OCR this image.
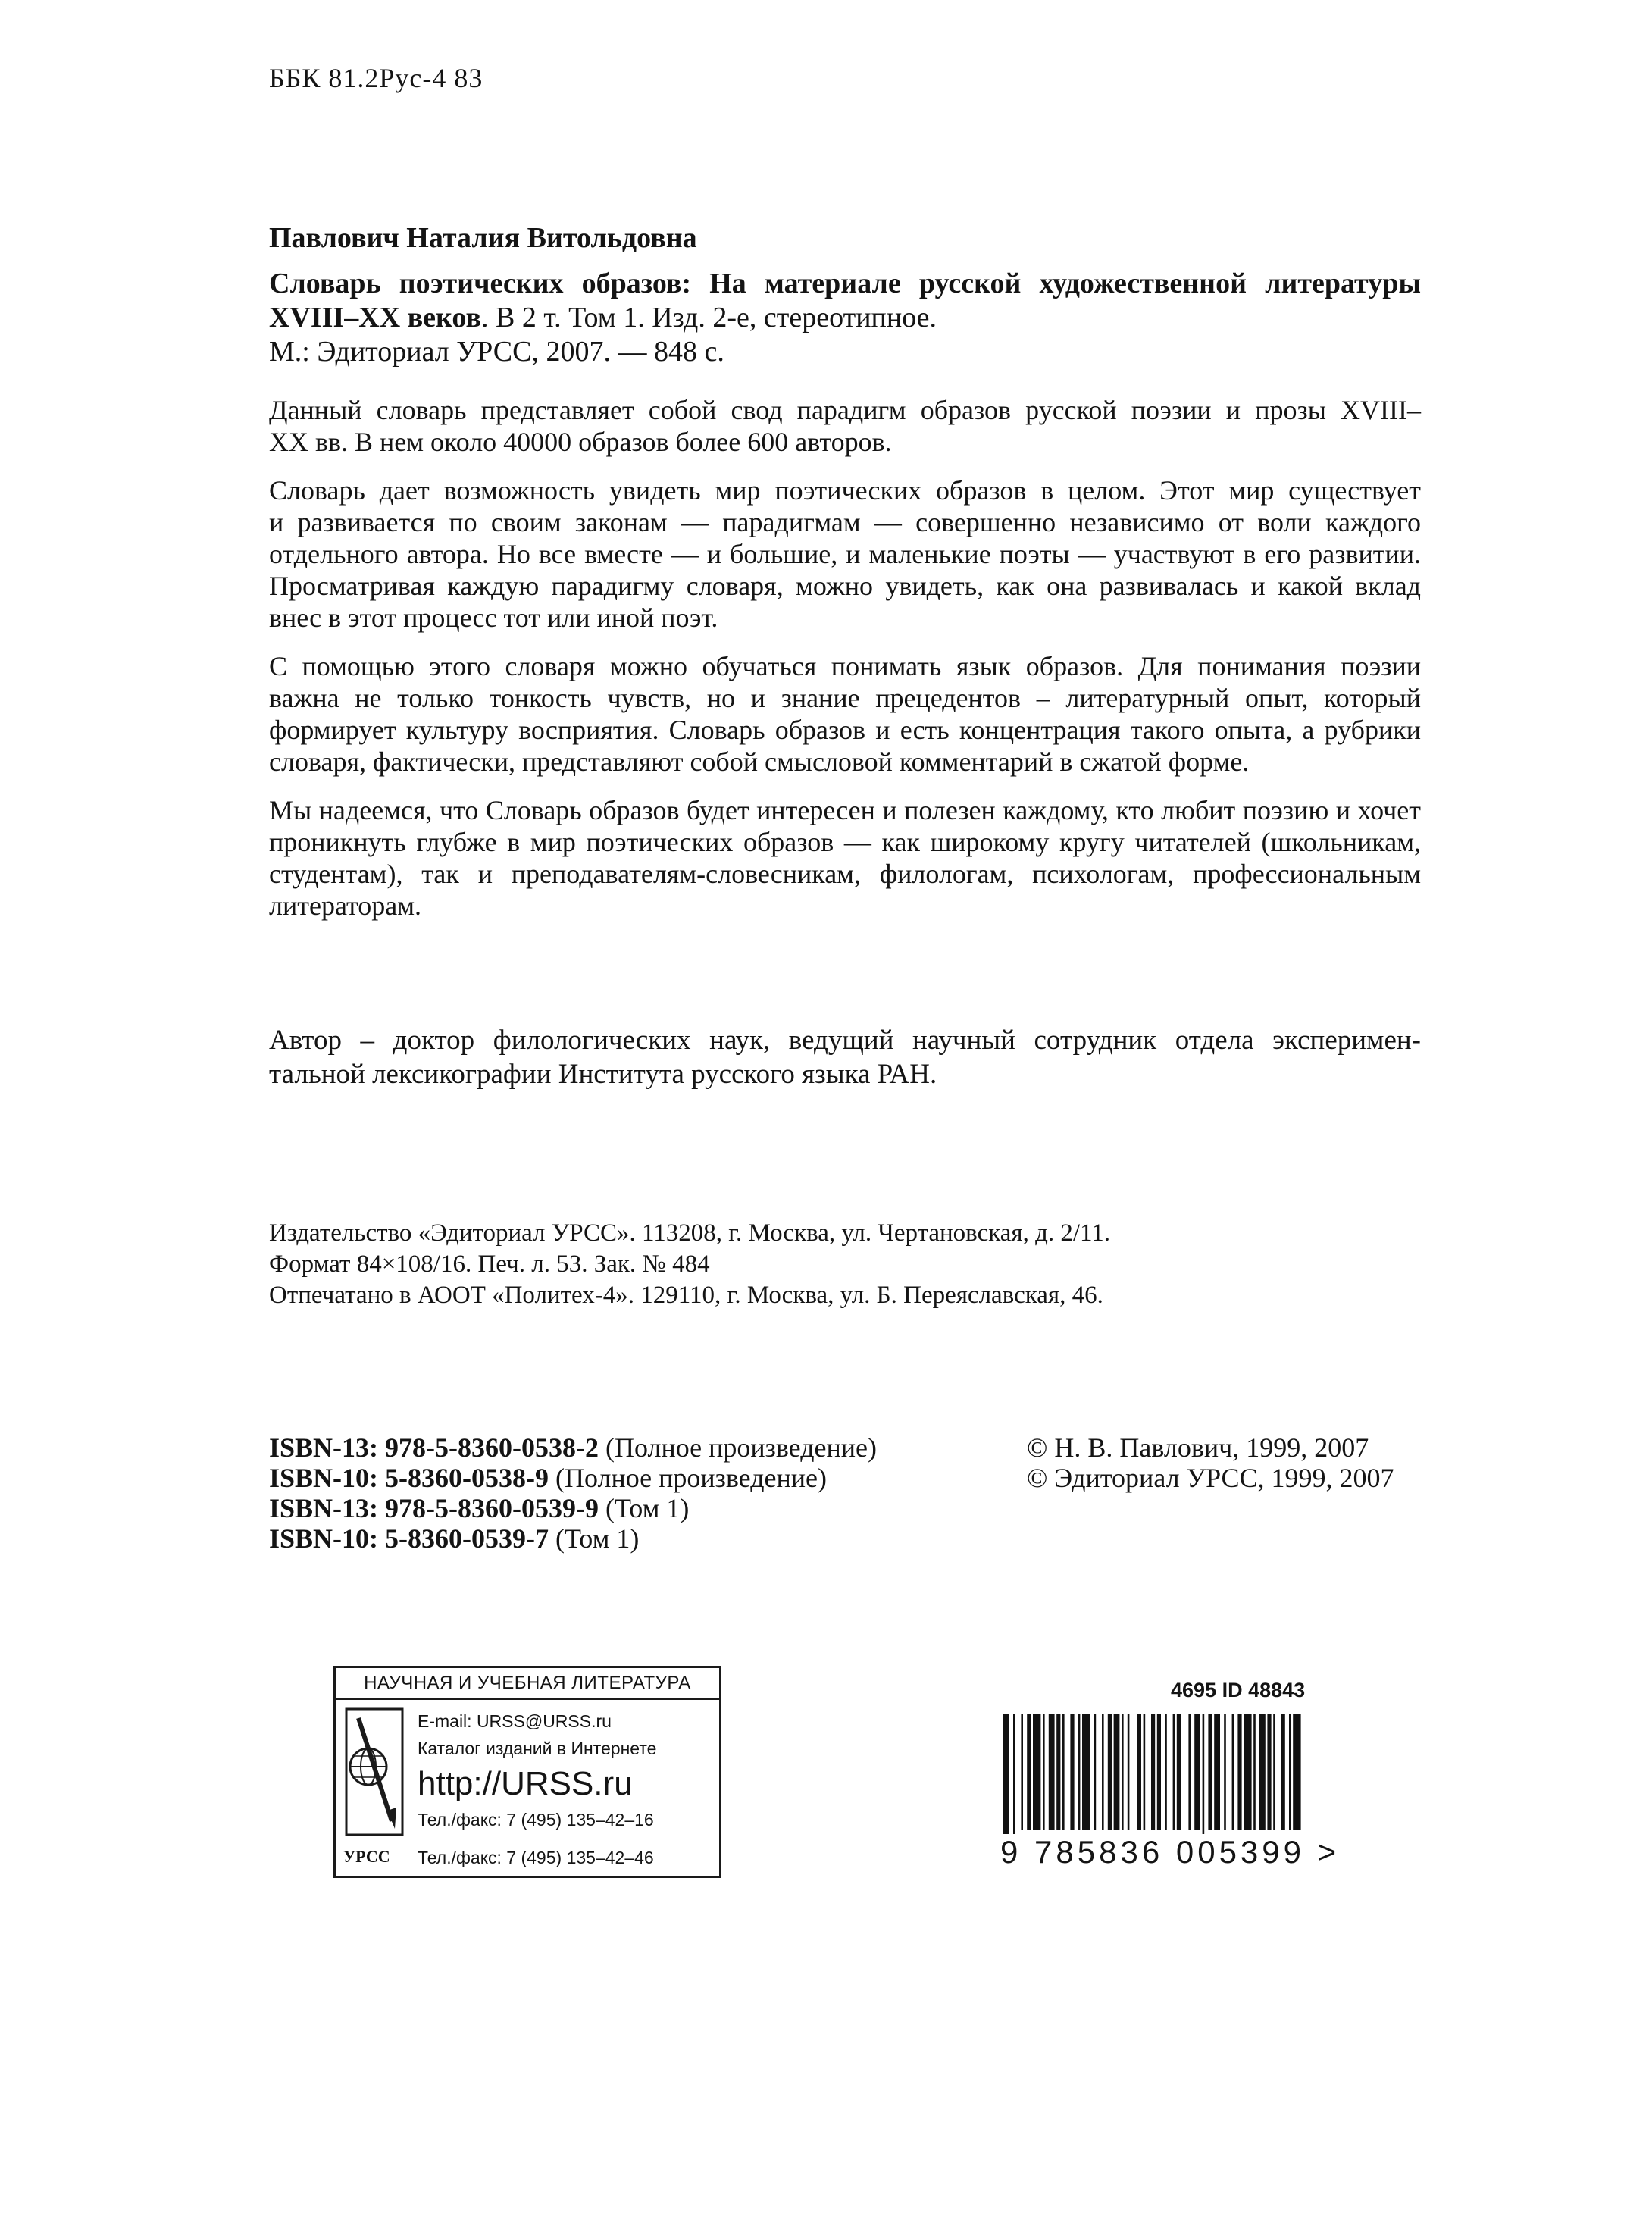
ББК 81.2Рус-4 83
Павлович Наталия Витольдовна
Словарь поэтических образов: На материале русской художественной литературы
XVIII–XX веков. В 2 т. Том 1. Изд. 2-е, стереотипное.
М.: Эдиториал УРСС, 2007. — 848 с.
Данный словарь представляет собой свод парадигм образов русской поэзии и прозы XVIII–
XX вв. В нем около 40000 образов более 600 авторов.
Словарь дает возможность увидеть мир поэтических образов в целом. Этот мир существует
и развивается по своим законам — парадигмам — совершенно независимо от воли каждого
отдельного автора. Но все вместе — и большие, и маленькие поэты — участвуют в его развитии.
Просматривая каждую парадигму словаря, можно увидеть, как она развивалась и какой вклад
внес в этот процесс тот или иной поэт.
С помощью этого словаря можно обучаться понимать язык образов. Для понимания поэзии
важна не только тонкость чувств, но и знание прецедентов – литературный опыт, который
формирует культуру восприятия. Словарь образов и есть концентрация такого опыта, а рубрики
словаря, фактически, представляют собой смысловой комментарий в сжатой форме.
Мы надеемся, что Словарь образов будет интересен и полезен каждому, кто любит поэзию и хочет
проникнуть глубже в мир поэтических образов — как широкому кругу читателей (школьникам,
студентам), так и преподавателям-словесникам, филологам, психологам, профессиональным
литераторам.
Автор – доктор филологических наук, ведущий научный сотрудник отдела эксперимен-
тальной лексикографии Института русского языка РАН.
Издательство «Эдиториал УРСС». 113208, г. Москва, ул. Чертановская, д. 2/11.
Формат 84×108/16. Печ. л. 53. Зак. № 484
Отпечатано в АООТ «Политех-4». 129110, г. Москва, ул. Б. Переяславская, 46.
ISBN-13: 978-5-8360-0538-2 (Полное произведение)
ISBN-10: 5-8360-0538-9 (Полное произведение)
ISBN-13: 978-5-8360-0539-9 (Том 1)
ISBN-10: 5-8360-0539-7 (Том 1)
© Н. В. Павлович, 1999, 2007
© Эдиториал УРСС, 1999, 2007
НАУЧНАЯ И УЧЕБНАЯ ЛИТЕРАТУРА
УРСС
E-mail: URSS@URSS.ru
Каталог изданий в Интернете
http://URSS.ru
Тел./факс: 7 (495) 135–42–16
Тел./факс: 7 (495) 135–42–46
4695 ID 48843
9 785836 005399 >
